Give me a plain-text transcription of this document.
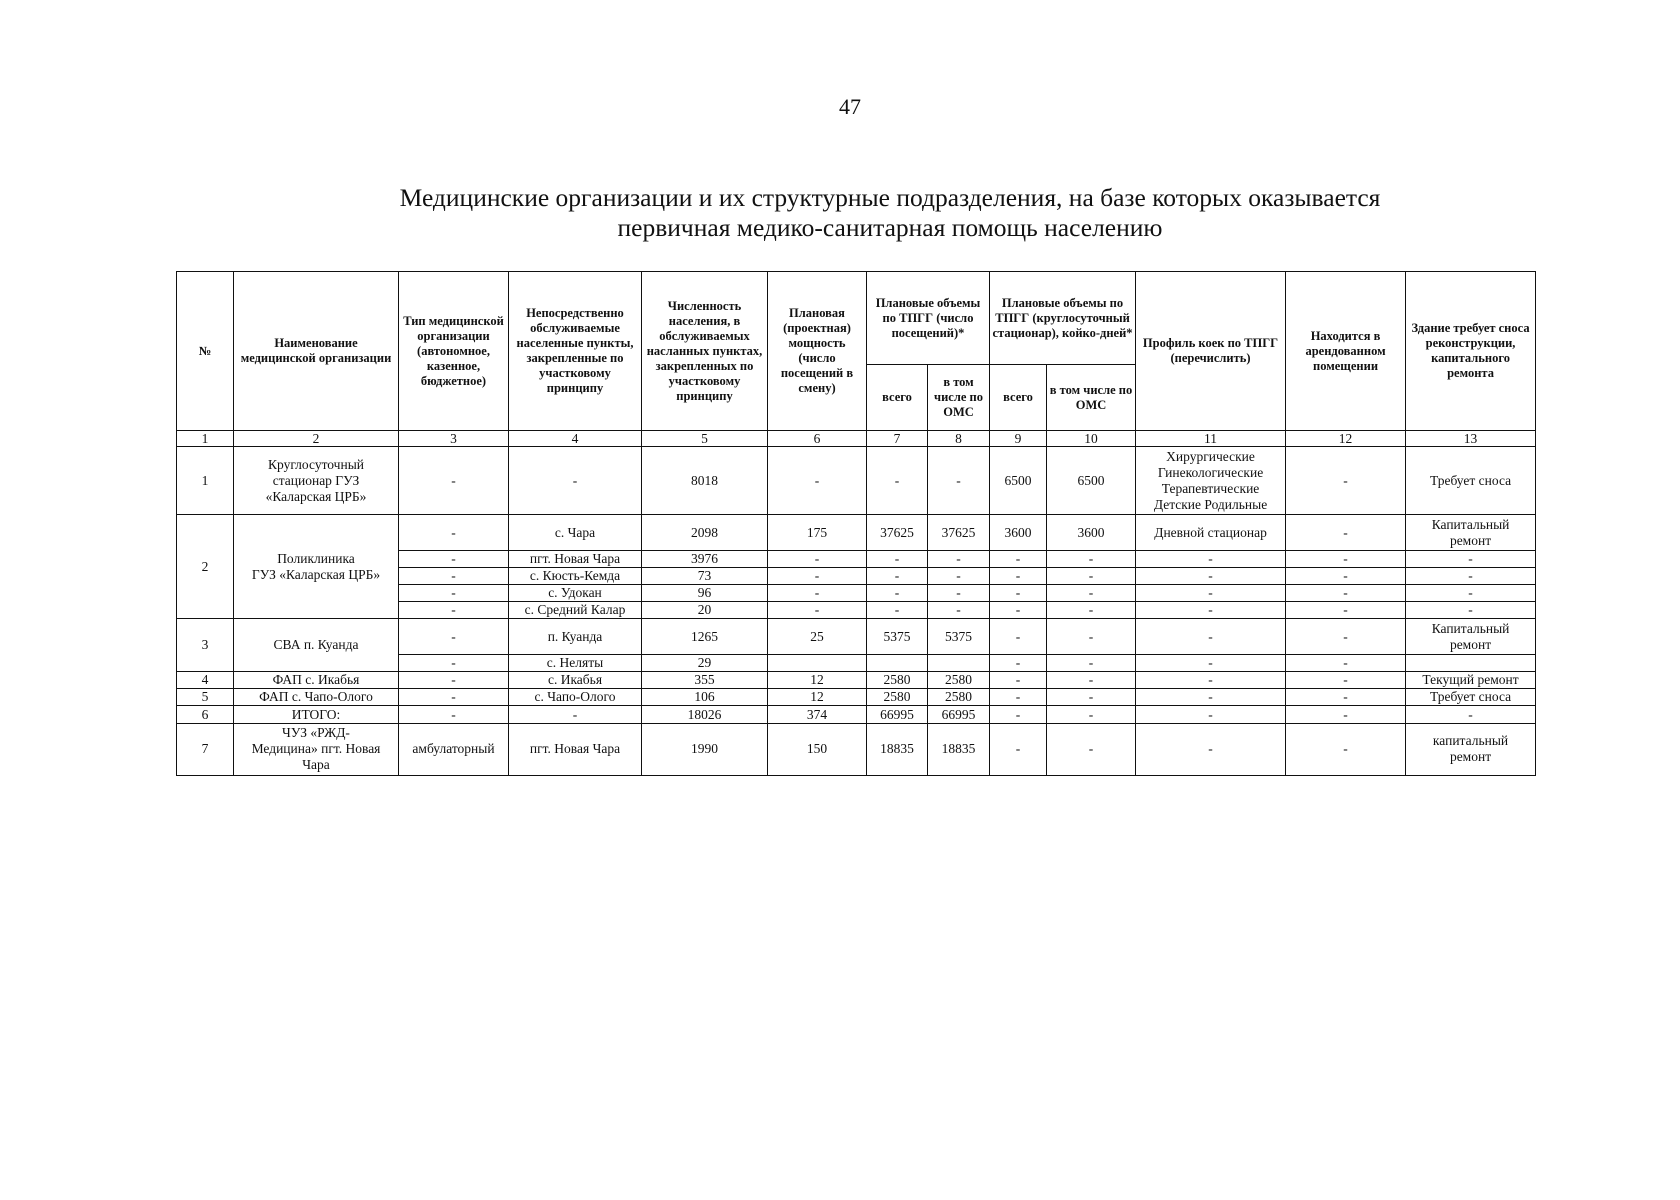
47
Медицинские организации и их структурные подразделения, на базе которых оказывается
первичная медико-санитарная помощь населению
№	Наименование медицинской организации	Тип медицинской организации (автономное, казенное, бюджетное)	Непосредственно обслуживаемые населенные пункты, закрепленные по участковому принципу	Численность населения, в обслуживаемых насланных пунктах, закрепленных по участковому принципу	Плановая (проектная) мощность (число посещений в смену)	Плановые объемы по ТПГГ (число посещений)*		Плановые объемы по ТПГГ (круглосуточный стационар), койко-дней*		Профиль коек по ТПГГ (перечислить)	Находится в арендованном помещении	Здание требует сноса реконструкции, капитального ремонта
						всего	в том числе по ОМС	всего	в том числе по ОМС			
1	2	3	4	5	6	7	8	9	10	11	12	13
1	Круглосуточный
стационар ГУЗ
«Каларская ЦРБ»	-	-	8018	-	-	-	6500	6500	Хирургические
Гинекологические
Терапевтические
Детские Родильные	-	Требует сноса
2	Поликлиника
ГУЗ «Каларская ЦРБ»	-	с. Чара	2098	175	37625	37625	3600	3600	Дневной стационар	-	Капитальный
ремонт
		-	пгт. Новая Чара	3976	-	-	-	-	-	-	-	-
		-	с. Кюсть-Кемда	73	-	-	-	-	-	-	-	-
		-	с. Удокан	96	-	-	-	-	-	-	-	-
		-	с. Средний Калар	20	-	-	-	-	-	-	-	-
3	СВА п. Куанда	-	п. Куанда	1265	25	5375	5375	-	-	-	-	Капитальный
ремонт
		-	с. Неляты	29				-	-	-	-	
4	ФАП с. Икабья	-	с. Икабья	355	12	2580	2580	-	-	-	-	Текущий ремонт
5	ФАП с. Чапо-Олого	-	с. Чапо-Олого	106	12	2580	2580	-	-	-	-	Требует сноса
6	ИТОГО:	-	-	18026	374	66995	66995	-	-	-	-	-
7	ЧУЗ «РЖД-
Медицина» пгт. Новая
Чара	амбулаторный	пгт. Новая Чара	1990	150	18835	18835	-	-	-	-	капитальный
ремонт
